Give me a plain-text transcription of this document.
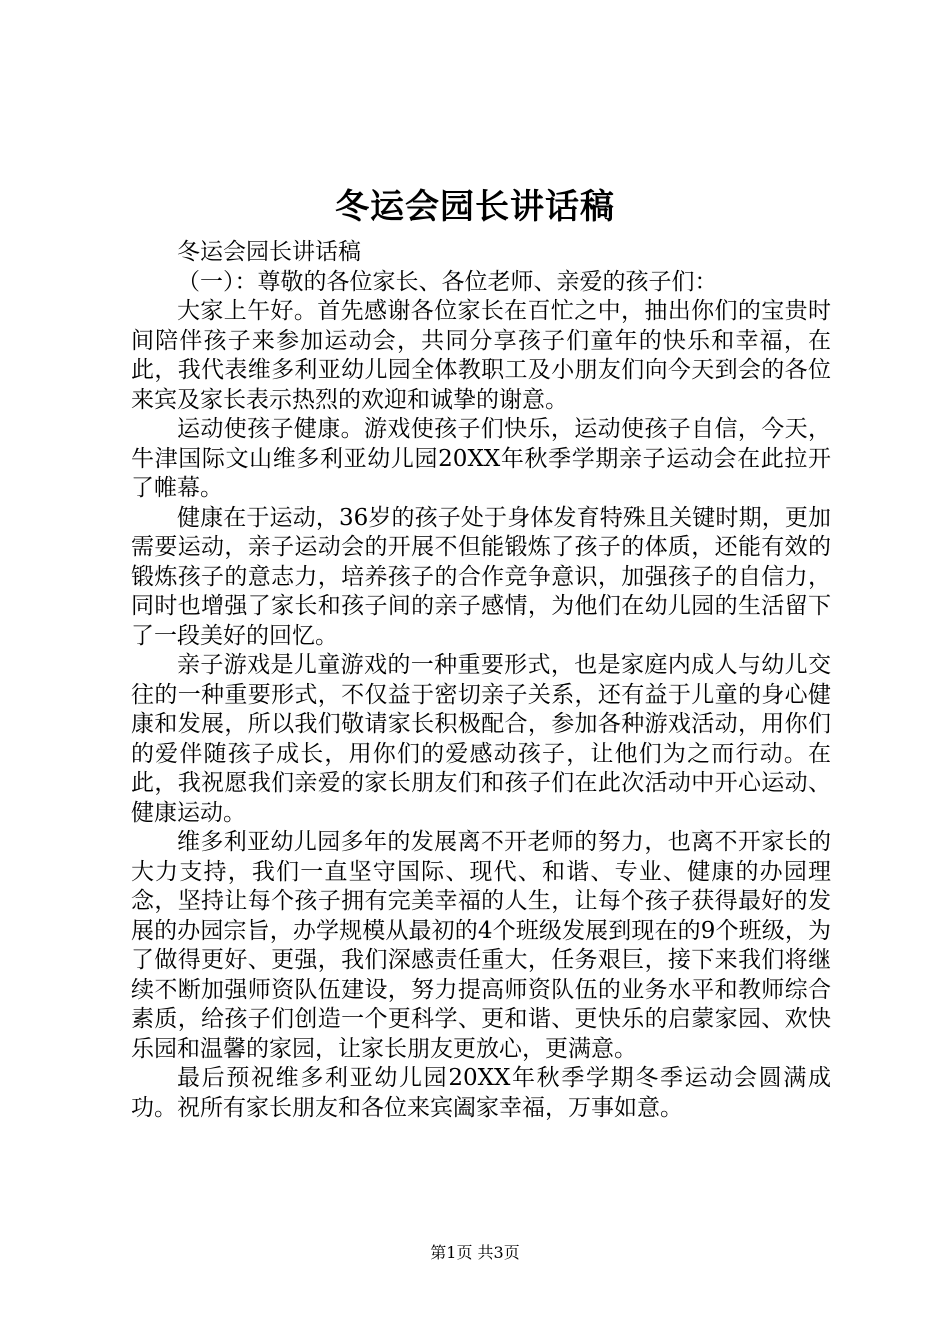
冬运会园长讲话稿

冬运会园长讲话稿

（一）：尊敬的各位家长、各位老师、亲爱的孩子们：

大家上午好。首先感谢各位家长在百忙之中，抽出你们的宝贵时间陪伴孩子来参加运动会，共同分享孩子们童年的快乐和幸福，在此，我代表维多利亚幼儿园全体教职工及小朋友们向今天到会的各位来宾及家长表示热烈的欢迎和诚挚的谢意。

运动使孩子健康。游戏使孩子们快乐，运动使孩子自信，今天，牛津国际文山维多利亚幼儿园20XX年秋季学期亲子运动会在此拉开了帷幕。

健康在于运动，36岁的孩子处于身体发育特殊且关键时期，更加需要运动，亲子运动会的开展不但能锻炼了孩子的体质，还能有效的锻炼孩子的意志力，培养孩子的合作竞争意识，加强孩子的自信力，同时也增强了家长和孩子间的亲子感情，为他们在幼儿园的生活留下了一段美好的回忆。

亲子游戏是儿童游戏的一种重要形式，也是家庭内成人与幼儿交往的一种重要形式，不仅益于密切亲子关系，还有益于儿童的身心健康和发展，所以我们敬请家长积极配合，参加各种游戏活动，用你们的爱伴随孩子成长，用你们的爱感动孩子，让他们为之而行动。在此，我祝愿我们亲爱的家长朋友们和孩子们在此次活动中开心运动、健康运动。

维多利亚幼儿园多年的发展离不开老师的努力，也离不开家长的大力支持，我们一直坚守国际、现代、和谐、专业、健康的办园理念，坚持让每个孩子拥有完美幸福的人生，让每个孩子获得最好的发展的办园宗旨，办学规模从最初的4个班级发展到现在的9个班级，为了做得更好、更强，我们深感责任重大，任务艰巨，接下来我们将继续不断加强师资队伍建设，努力提高师资队伍的业务水平和教师综合素质，给孩子们创造一个更科学、更和谐、更快乐的启蒙家园、欢快乐园和温馨的家园，让家长朋友更放心，更满意。

最后预祝维多利亚幼儿园20XX年秋季学期冬季运动会圆满成功。祝所有家长朋友和各位来宾阖家幸福，万事如意。

第1页 共3页
